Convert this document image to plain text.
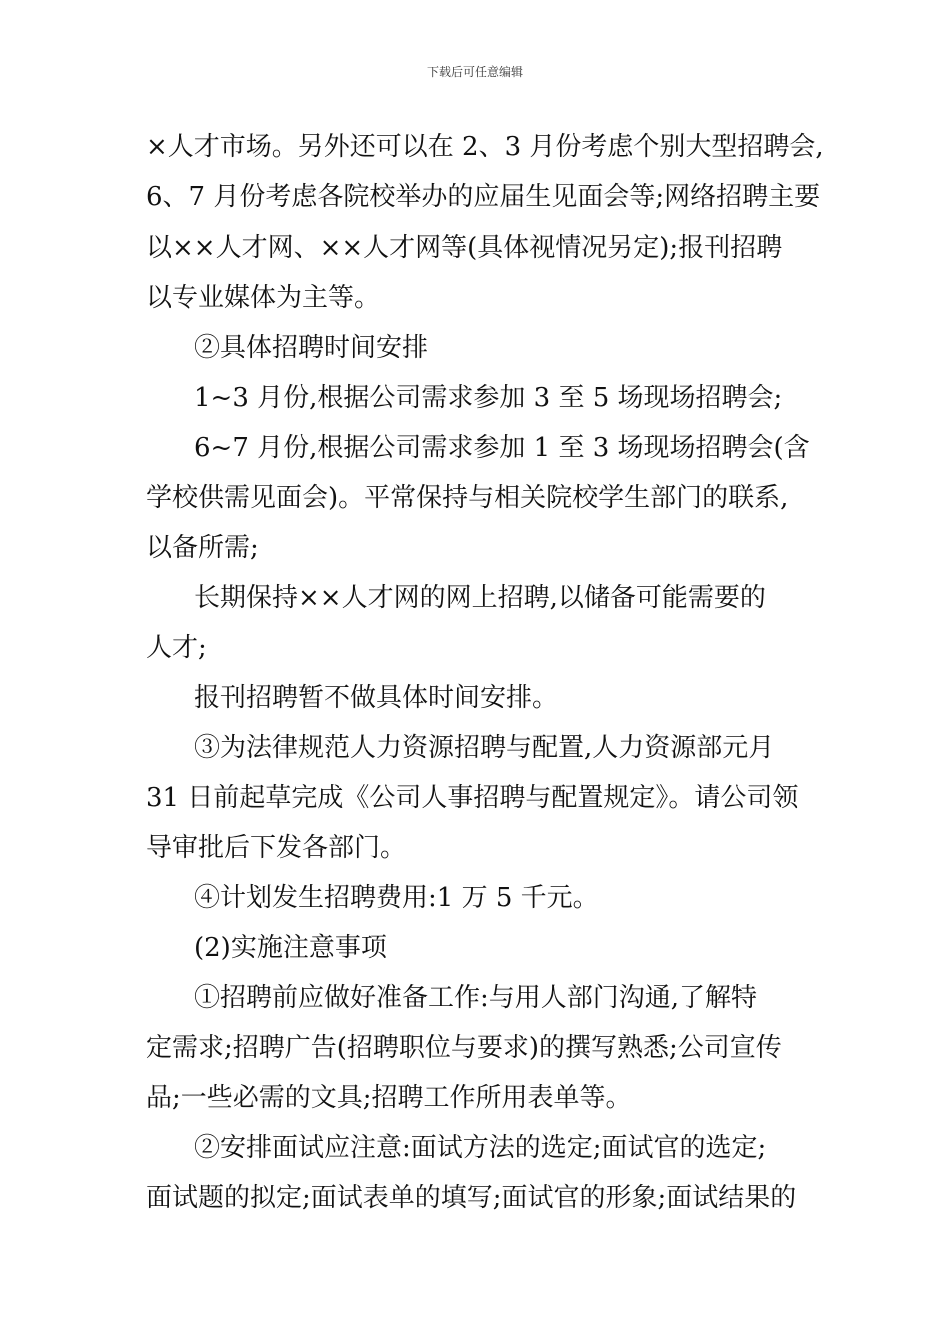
下载后可任意编辑
×人才市场。另外还可以在 2、3 月份考虑个别大型招聘会,
6、7 月份考虑各院校举办的应届生见面会等;网络招聘主要
以××人才网、××人才网等(具体视情况另定);报刊招聘
以专业媒体为主等。
②具体招聘时间安排
1~3 月份,根据公司需求参加 3 至 5 场现场招聘会;
6~7 月份,根据公司需求参加 1 至 3 场现场招聘会(含
学校供需见面会)。平常保持与相关院校学生部门的联系,
以备所需;
长期保持××人才网的网上招聘,以储备可能需要的
人才;
报刊招聘暂不做具体时间安排。
③为法律规范人力资源招聘与配置,人力资源部元月
31 日前起草完成《公司人事招聘与配置规定》。请公司领
导审批后下发各部门。
④计划发生招聘费用:1 万 5 千元。
(2)实施注意事项
①招聘前应做好准备工作:与用人部门沟通,了解特
定需求;招聘广告(招聘职位与要求)的撰写熟悉;公司宣传
品;一些必需的文具;招聘工作所用表单等。
②安排面试应注意:面试方法的选定;面试官的选定;
面试题的拟定;面试表单的填写;面试官的形象;面试结果的
